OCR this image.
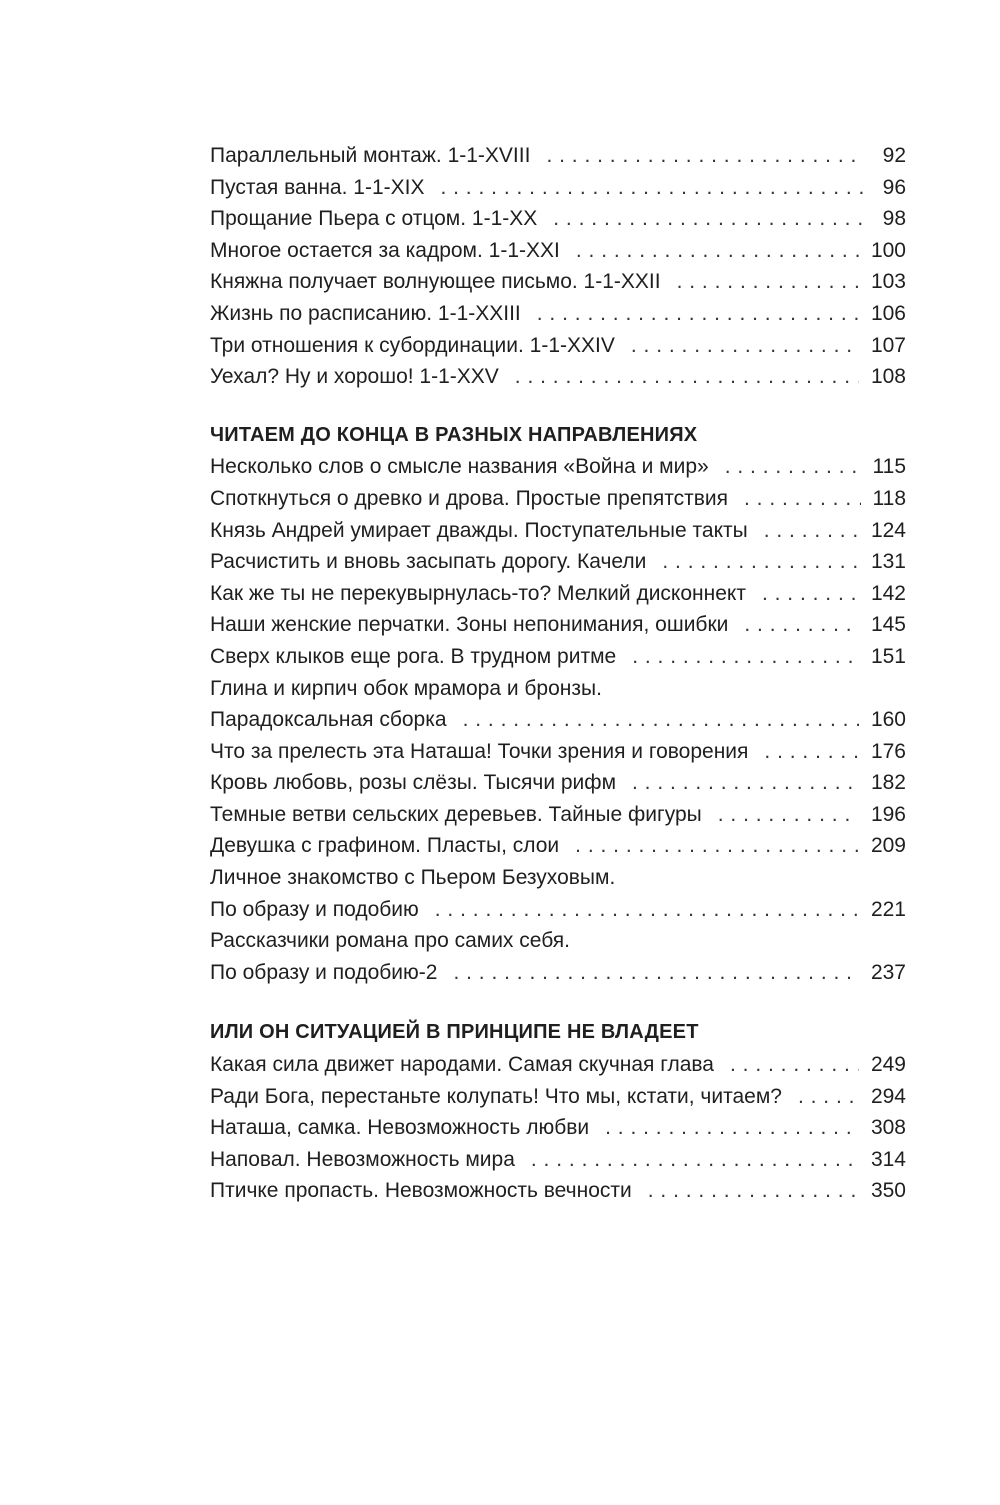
Параллельный монтаж. 1-1-XVIII . . .	92
Пустая ванна. 1-1-XIX . . .	96
Прощание Пьера с отцом. 1-1-XX . . .	98
Многое остается за кадром. 1-1-XXI . . .	100
Княжна получает волнующее письмо. 1-1-XXII . . .	103
Жизнь по расписанию. 1-1-XXIII . . .	106
Три отношения к субординации. 1-1-XXIV . . .	107
Уехал? Ну и хорошо! 1-1-XXV . . .	108
ЧИТАЕМ ДО КОНЦА В РАЗНЫХ НАПРАВЛЕНИЯХ
Несколько слов о смысле названия «Война и мир» . . .	115
Споткнуться о древко и дрова. Простые препятствия . . .	118
Князь Андрей умирает дважды. Поступательные такты . . .	124
Расчистить и вновь засыпать дорогу. Качели . . .	131
Как же ты не перекувырнулась-то? Мелкий дисконнект . . .	142
Наши женские перчатки. Зоны непонимания, ошибки . . .	145
Сверх клыков еще рога. В трудном ритме . . .	151
Глина и кирпич обок мрамора и бронзы.
Парадоксальная сборка . . .	160
Что за прелесть эта Наташа! Точки зрения и говорения . . .	176
Кровь любовь, розы слёзы. Тысячи рифм . . .	182
Темные ветви сельских деревьев. Тайные фигуры . . .	196
Девушка с графином. Пласты, слои . . .	209
Личное знакомство с Пьером Безуховым.
По образу и подобию . . .	221
Рассказчики романа про самих себя.
По образу и подобию-2 . . .	237
ИЛИ ОН СИТУАЦИЕЙ В ПРИНЦИПЕ НЕ ВЛАДЕЕТ
Какая сила движет народами. Самая скучная глава . . .	249
Ради Бога, перестаньте колупать! Что мы, кстати, читаем? . . .	294
Наташа, самка. Невозможность любви . . .	308
Наповал. Невозможность мира . . .	314
Птичке пропасть. Невозможность вечности . . .	350
